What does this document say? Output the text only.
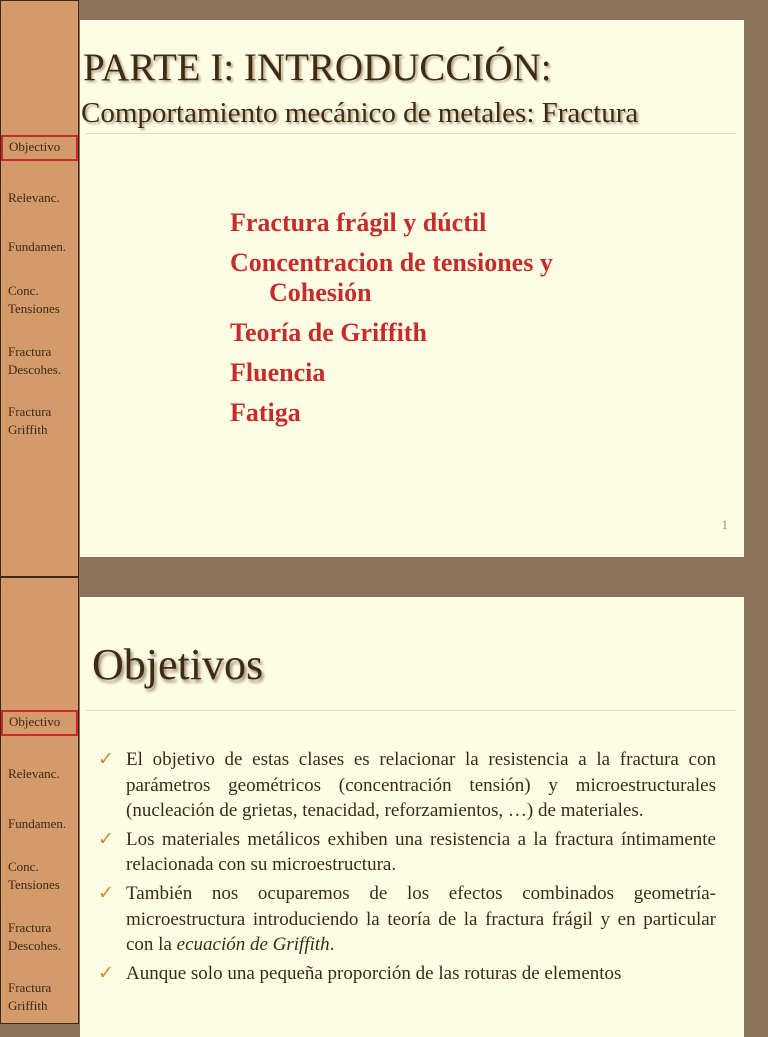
Objectivo
Relevanc.
Fundamen.
Conc.
Tensiones
Fractura
Descohes.
Fractura
Griffith
PARTE I: INTRODUCCIÓN:
Comportamiento mecánico de metales: Fractura
Fractura frágil y dúctil
Concentracion de tensiones y
Cohesión
Teoría de Griffith
Fluencia
Fatiga
1
Objectivo
Relevanc.
Fundamen.
Conc.
Tensiones
Fractura
Descohes.
Fractura
Griffith
Objetivos
✓ El objetivo de estas clases es relacionar la resistencia a la fractura con parámetros geométricos (concentración tensión) y microestructurales (nucleación de grietas, tenacidad, reforzamientos, …) de materiales.
✓ Los materiales metálicos exhiben una resistencia a la fractura íntimamente relacionada con su microestructura.
✓ También nos ocuparemos de los efectos combinados geometría-microestructura introduciendo la teoría de la fractura frágil y en particular con la ecuación de Griffith.
✓ Aunque solo una pequeña proporción de las roturas de elementos
